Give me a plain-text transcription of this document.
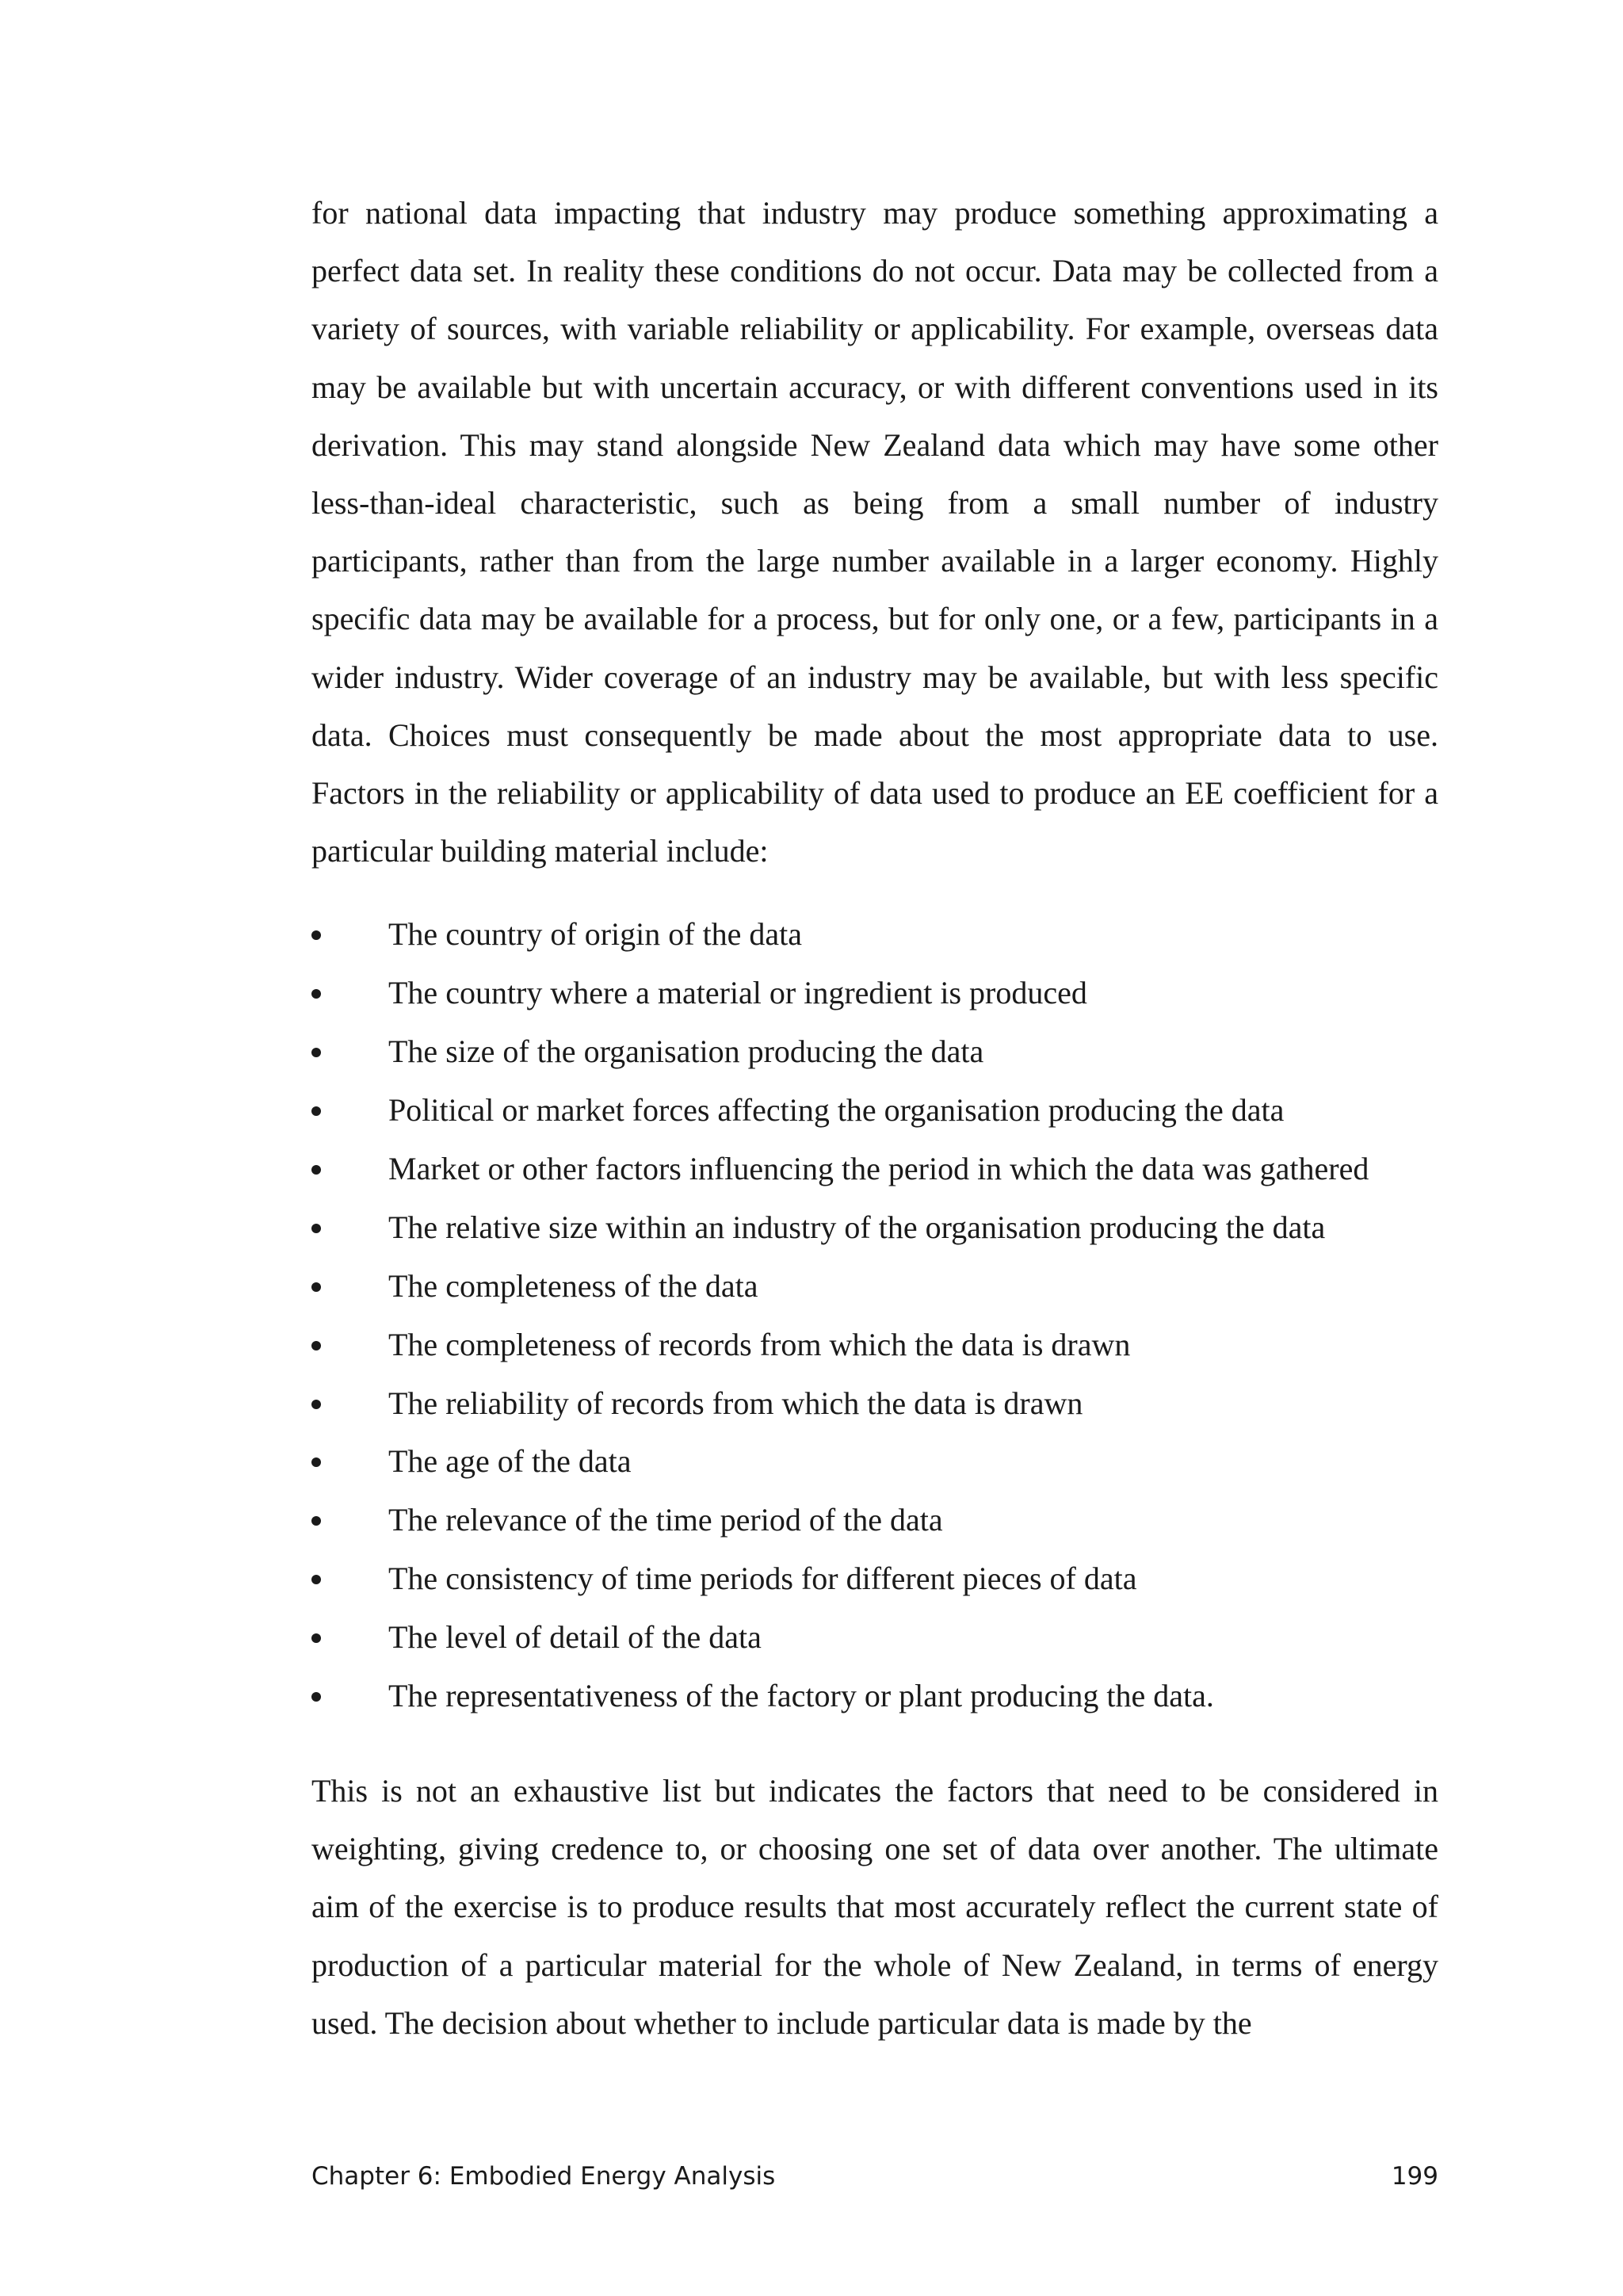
for national data impacting that industry may produce something approximating a perfect data set. In reality these conditions do not occur. Data may be collected from a variety of sources, with variable reliability or applicability. For example, overseas data may be available but with uncertain accuracy, or with different conventions used in its derivation. This may stand alongside New Zealand data which may have some other less-than-ideal characteristic, such as being from a small number of industry participants, rather than from the large number available in a larger economy. Highly specific data may be available for a process, but for only one, or a few, participants in a wider industry. Wider coverage of an industry may be available, but with less specific data. Choices must consequently be made about the most appropriate data to use. Factors in the reliability or applicability of data used to produce an EE coefficient for a particular building material include:

The country of origin of the data
The country where a material or ingredient is produced
The size of the organisation producing the data
Political or market forces affecting the organisation producing the data
Market or other factors influencing the period in which the data was gathered
The relative size within an industry of the organisation producing the data
The completeness of the data
The completeness of records from which the data is drawn
The reliability of records from which the data is drawn
The age of the data
The relevance of the time period of the data
The consistency of time periods for different pieces of data
The level of detail of the data
The representativeness of the factory or plant producing the data.

This is not an exhaustive list but indicates the factors that need to be considered in weighting, giving credence to, or choosing one set of data over another. The ultimate aim of the exercise is to produce results that most accurately reflect the current state of production of a particular material for the whole of New Zealand, in terms of energy used. The decision about whether to include particular data is made by the

Chapter 6: Embodied Energy Analysis	199
